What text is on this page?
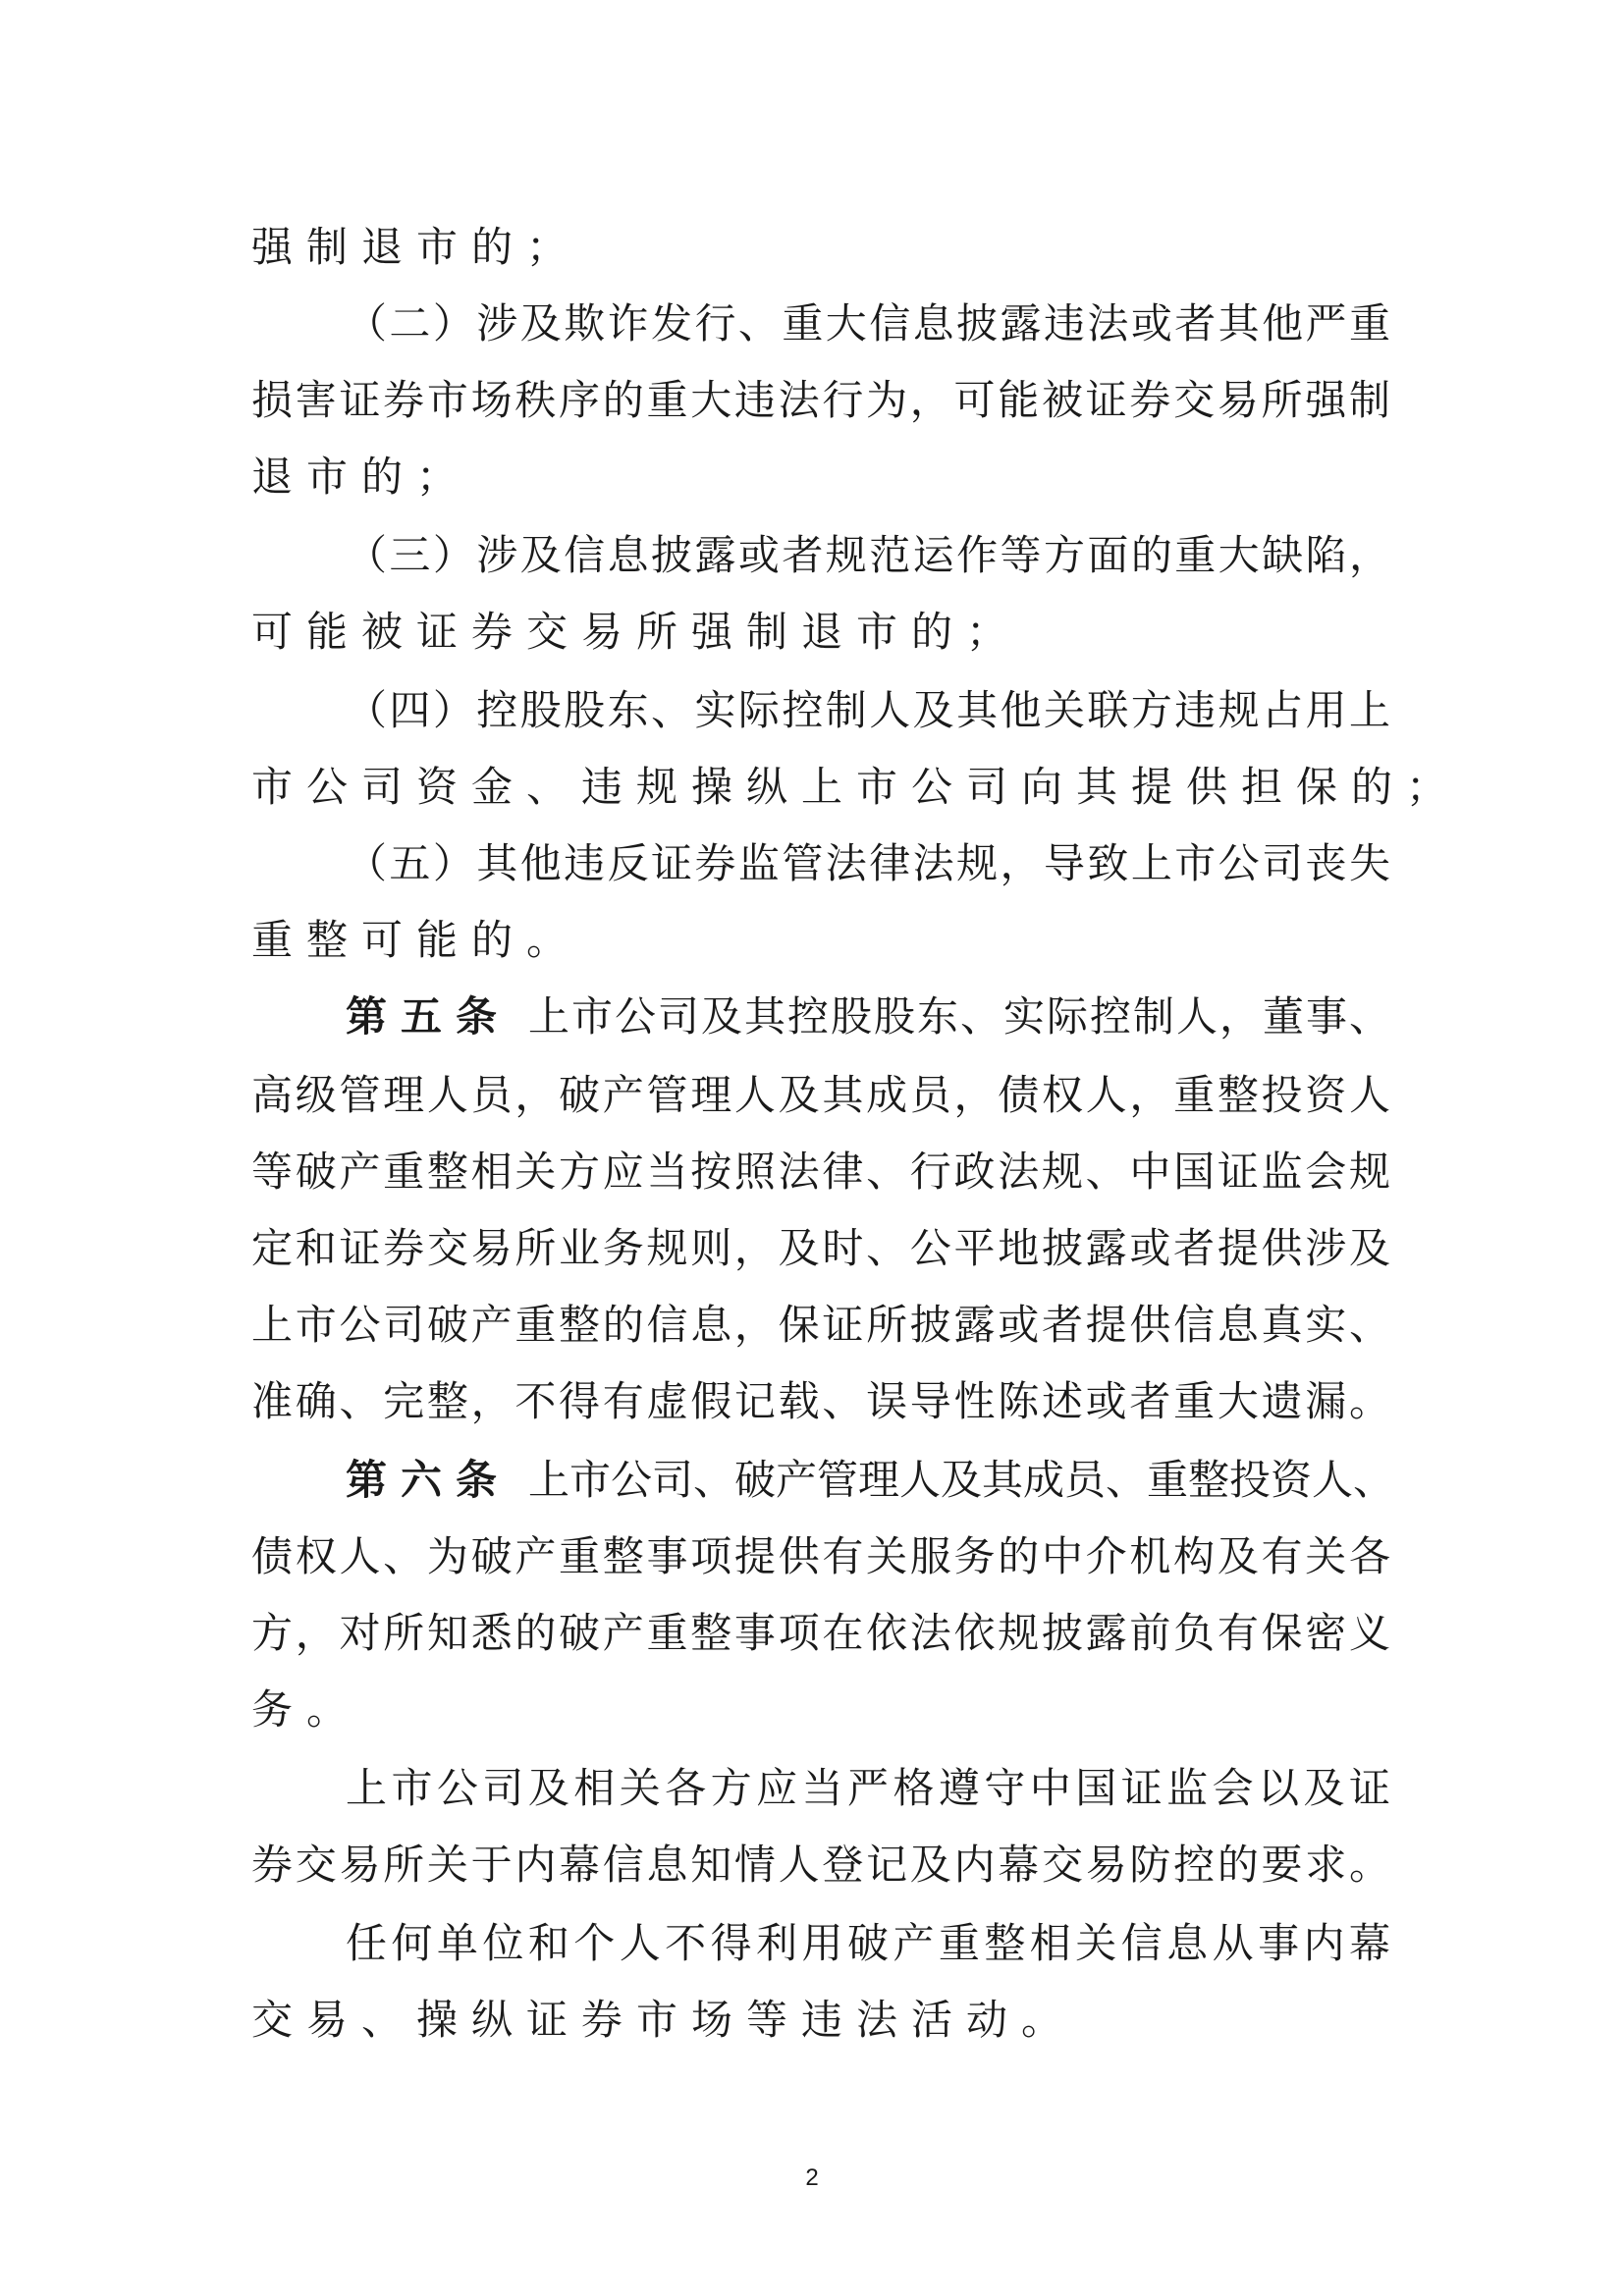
强制退市的；
（二）涉及欺诈发行、重大信息披露违法或者其他严重
损害证券市场秩序的重大违法行为，可能被证券交易所强制
退市的；
（三）涉及信息披露或者规范运作等方面的重大缺陷，
可能被证券交易所强制退市的；
（四）控股股东、实际控制人及其他关联方违规占用上
市公司资金、违规操纵上市公司向其提供担保的；
（五）其他违反证券监管法律法规，导致上市公司丧失
重整可能的。
第五条 上市公司及其控股股东、实际控制人，董事、
高级管理人员，破产管理人及其成员，债权人，重整投资人
等破产重整相关方应当按照法律、行政法规、中国证监会规
定和证券交易所业务规则，及时、公平地披露或者提供涉及
上市公司破产重整的信息，保证所披露或者提供信息真实、
准确、完整，不得有虚假记载、误导性陈述或者重大遗漏。
第六条 上市公司、破产管理人及其成员、重整投资人、
债权人、为破产重整事项提供有关服务的中介机构及有关各
方，对所知悉的破产重整事项在依法依规披露前负有保密义
务。
上市公司及相关各方应当严格遵守中国证监会以及证
券交易所关于内幕信息知情人登记及内幕交易防控的要求。
任何单位和个人不得利用破产重整相关信息从事内幕
交易、操纵证券市场等违法活动。
2
